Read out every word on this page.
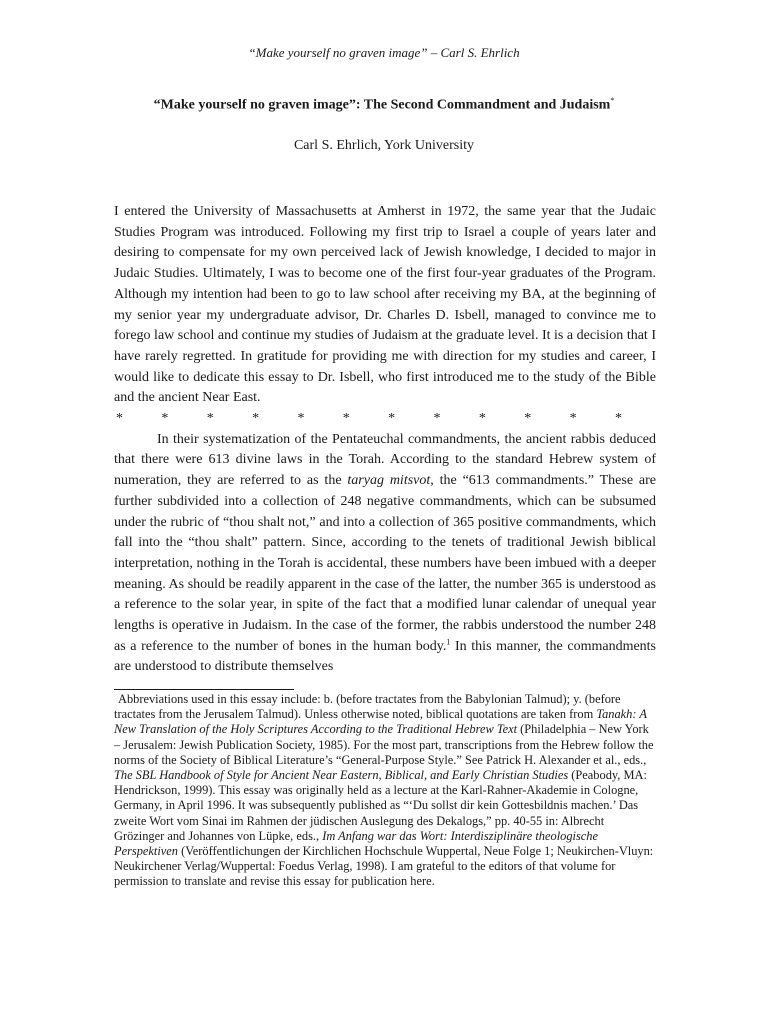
“Make yourself no graven image” – Carl S. Ehrlich
“Make yourself no graven image”: The Second Commandment and Judaism*
Carl S. Ehrlich, York University

I entered the University of Massachusetts at Amherst in 1972, the same year that the Judaic Studies Program was introduced. Following my first trip to Israel a couple of years later and desiring to compensate for my own perceived lack of Jewish knowledge, I decided to major in Judaic Studies. Ultimately, I was to become one of the first four-year graduates of the Program. Although my intention had been to go to law school after receiving my BA, at the beginning of my senior year my undergraduate advisor, Dr. Charles D. Isbell, managed to convince me to forego law school and continue my studies of Judaism at the graduate level. It is a decision that I have rarely regretted. In gratitude for providing me with direction for my studies and career, I would like to dedicate this essay to Dr. Isbell, who first introduced me to the study of the Bible and the ancient Near East.

*	*	*	*	*	*	*	*	*	*	*	*

In their systematization of the Pentateuchal commandments, the ancient rabbis deduced that there were 613 divine laws in the Torah. According to the standard Hebrew system of numeration, they are referred to as the taryag mitsvot, the “613 commandments.” These are further subdivided into a collection of 248 negative commandments, which can be subsumed under the rubric of “thou shalt not,” and into a collection of 365 positive commandments, which fall into the “thou shalt” pattern. Since, according to the tenets of traditional Jewish biblical interpretation, nothing in the Torah is accidental, these numbers have been imbued with a deeper meaning. As should be readily apparent in the case of the latter, the number 365 is understood as a reference to the solar year, in spite of the fact that a modified lunar calendar of unequal year lengths is operative in Judaism. In the case of the former, the rabbis understood the number 248 as a reference to the number of bones in the human body.$^1$ In this manner, the commandments are understood to distribute themselves

Abbreviations used in this essay include: b. (before tractates from the Babylonian Talmud); y. (before tractates from the Jerusalem Talmud). Unless otherwise noted, biblical quotations are taken from Tanakh: A New Translation of the Holy Scriptures According to the Traditional Hebrew Text (Philadelphia – New York – Jerusalem: Jewish Publication Society, 1985). For the most part, transcriptions from the Hebrew follow the norms of the Society of Biblical Literature’s “General-Purpose Style.” See Patrick H. Alexander et al., eds., The SBL Handbook of Style for Ancient Near Eastern, Biblical, and Early Christian Studies (Peabody, MA: Hendrickson, 1999). This essay was originally held as a lecture at the Karl-Rahner-Akademie in Cologne, Germany, in April 1996. It was subsequently published as “‘Du sollst dir kein Gottesbildnis machen.’ Das zweite Wort vom Sinai im Rahmen der jüdischen Auslegung des Dekalogs,” pp. 40-55 in: Albrecht Grözinger and Johannes von Lüpke, eds., Im Anfang war das Wort: Interdisziplinäre theologische Perspektiven (Veröffentlichungen der Kirchlichen Hochschule Wuppertal, Neue Folge 1; Neukirchen-Vluyn: Neukirchener Verlag/Wuppertal: Foedus Verlag, 1998). I am grateful to the editors of that volume for permission to translate and revise this essay for publication here.
